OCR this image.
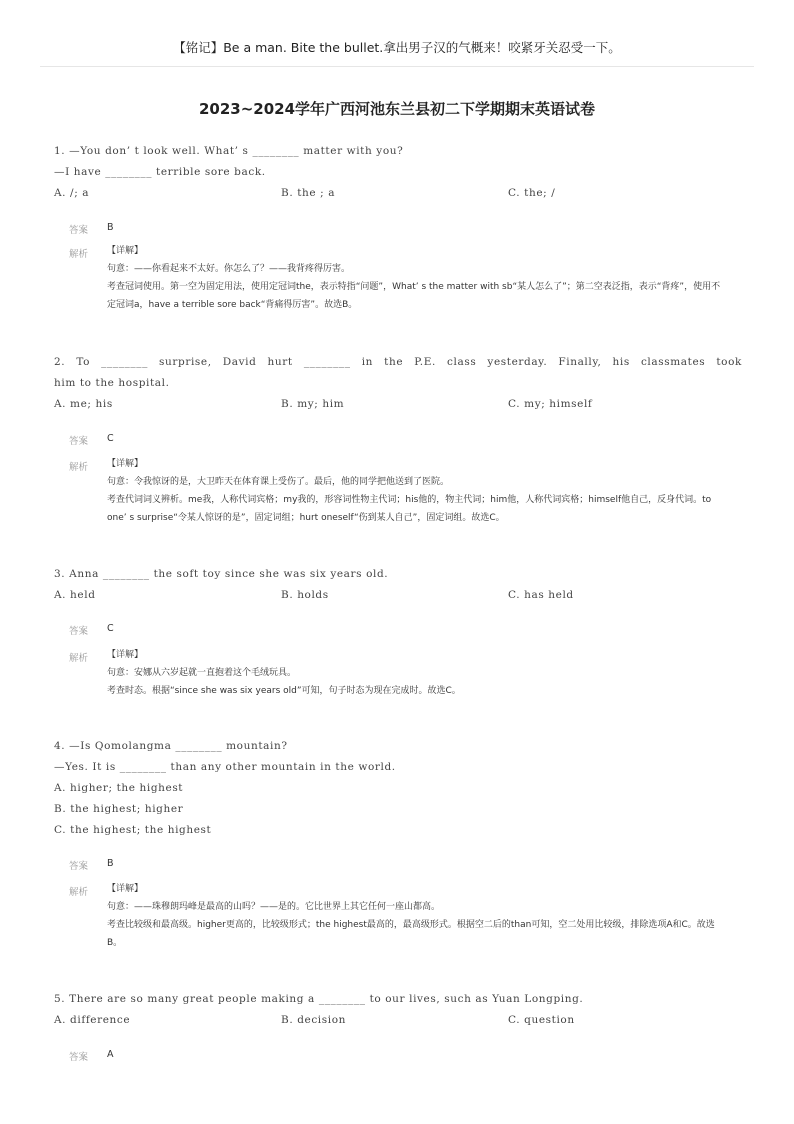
【铭记】Be a man. Bite the bullet.拿出男子汉的气概来！咬紧牙关忍受一下。
2023~2024学年广西河池东兰县初二下学期期末英语试卷
1. —You don’ t look well. What’ s ________ matter with you?
—I have ________ terrible sore back.
A. /; a	B. the ; a	C. the; /
答案 B
解析 【详解】
句意：——你看起来不太好。你怎么了？——我背疼得厉害。
考查冠词使用。第一空为固定用法，使用定冠词the，表示特指“问题”，What’ s the matter with sb“某人怎么了”；第二空表泛指，表示“背疼”，使用不定冠词a，have a terrible sore back“背痛得厉害”。故选B。
2. To ________ surprise, David hurt ________ in the P.E. class yesterday. Finally, his classmates took
him to the hospital.
A. me; his	B. my; him	C. my; himself
答案 C
解析 【详解】
句意：令我惊讶的是，大卫昨天在体育课上受伤了。最后，他的同学把他送到了医院。
考查代词词义辨析。me我，人称代词宾格；my我的，形容词性物主代词；his他的，物主代词；him他，人称代词宾格；himself他自己，反身代词。to one’ s surprise“令某人惊讶的是”，固定词组；hurt oneself“伤到某人自己”，固定词组。故选C。
3. Anna ________ the soft toy since she was six years old.
A. held	B. holds	C. has held
答案 C
解析 【详解】
句意：安娜从六岁起就一直抱着这个毛绒玩具。
考查时态。根据“since she was six years old”可知，句子时态为现在完成时。故选C。
4. —Is Qomolangma ________ mountain?
—Yes. It is ________ than any other mountain in the world.
A. higher; the highest
B. the highest; higher
C. the highest; the highest
答案 B
解析 【详解】
句意：——珠穆朗玛峰是最高的山吗？——是的。它比世界上其它任何一座山都高。
考查比较级和最高级。higher更高的，比较级形式；the highest最高的，最高级形式。根据空二后的than可知，空二处用比较级，排除选项A和C。故选B。
5. There are so many great people making a ________ to our lives, such as Yuan Longping.
A. difference	B. decision	C. question
答案 A
